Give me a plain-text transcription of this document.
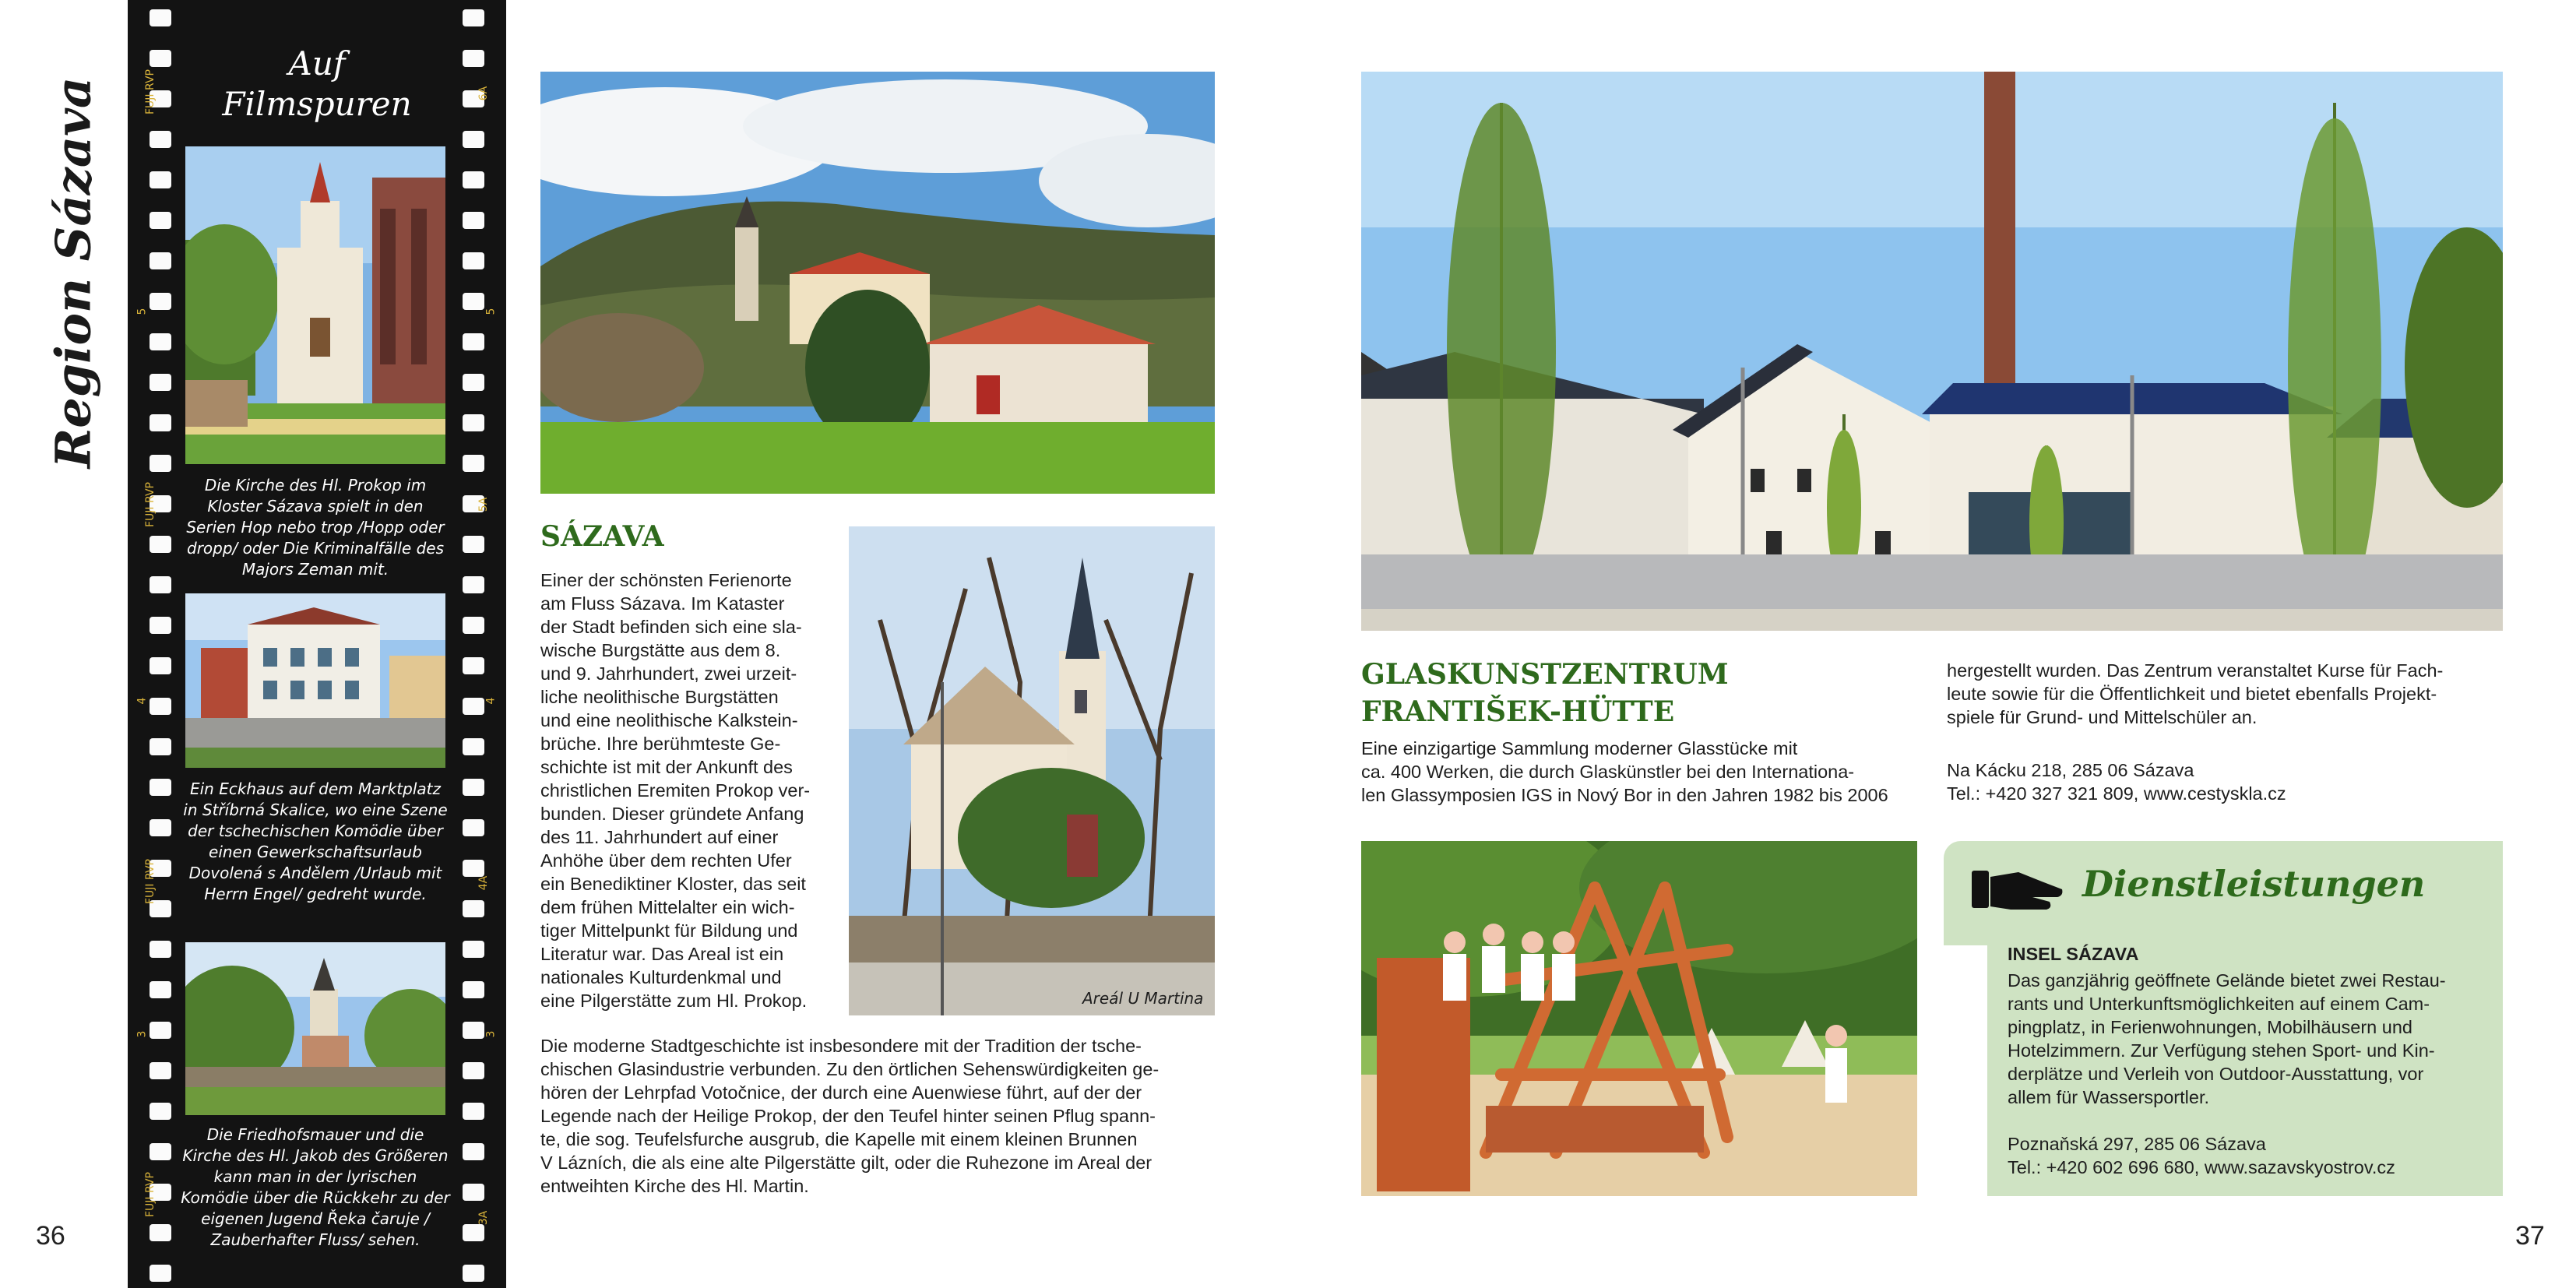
Region Sázava
36	37
Auf
Filmspuren
FUJI RVP	6A
5	5
FUJI RVP	5A
4	4
FUJI RVP	4A
3	3
FUJI RVP
3A
Die Kirche des Hl. Prokop im Kloster Sázava spielt in den Serien Hop nebo trop /Hopp oder dropp/ oder Die Kriminalfälle des Majors Zeman mit.
Ein Eckhaus auf dem Marktplatz in Stříbrná Skalice, wo eine Szene der tschechischen Komödie über einen Gewerkschaftsurlaub Dovolená s Andělem /Urlaub mit Herrn Engel/ gedreht wurde.
Die Friedhofsmauer und die Kirche des Hl. Jakob des Größeren kann man in der lyrischen Komödie über die Rückkehr zu der eigenen Jugend Řeka čaruje / Zauberhafter Fluss/ sehen.
SÁZAVA
Einer der schönsten Ferienorte
am Fluss Sázava. Im Kataster
der Stadt befinden sich eine sla-
wische Burgstätte aus dem 8.
und 9. Jahrhundert, zwei urzeit-
liche neolithische Burgstätten
und eine neolithische Kalkstein-
brüche. Ihre berühmteste Ge-
schichte ist mit der Ankunft des
christlichen Eremiten Prokop ver-
bunden. Dieser gründete Anfang
des 11. Jahrhundert auf einer
Anhöhe über dem rechten Ufer
ein Benediktiner Kloster, das seit
dem frühen Mittelalter ein wich-
tiger Mittelpunkt für Bildung und
Literatur war. Das Areal ist ein
nationales Kulturdenkmal und
eine Pilgerstätte zum Hl. Prokop.	Areál U Martina
Die moderne Stadtgeschichte ist insbesondere mit der Tradition der tsche-
chischen Glasindustrie verbunden. Zu den örtlichen Sehenswürdigkeiten ge-
hören der Lehrpfad Votočnice, der durch eine Auenwiese führt, auf der der
Legende nach der Heilige Prokop, der den Teufel hinter seinen Pflug spann-
te, die sog. Teufelsfurche ausgrub, die Kapelle mit einem kleinen Brunnen
V Lázních, die als eine alte Pilgerstätte gilt, oder die Ruhezone im Areal der
entweihten Kirche des Hl. Martin.
GLASKUNSTZENTRUM
FRANTIŠEK-HÜTTE
Eine einzigartige Sammlung moderner Glasstücke mit
ca. 400 Werken, die durch Glaskünstler bei den Internationa-
len Glassymposien IGS in Nový Bor in den Jahren 1982 bis 2006
hergestellt wurden. Das Zentrum veranstaltet Kurse für Fach-
leute sowie für die Öffentlichkeit und bietet ebenfalls Projekt-
spiele für Grund- und Mittelschüler an.
Na Kácku 218, 285 06 Sázava
Tel.: +420 327 321 809, www.cestyskla.cz
Dienstleistungen
INSEL SÁZAVA
Das ganzjährig geöffnete Gelände bietet zwei Restau-
rants und Unterkunftsmöglichkeiten auf einem Cam-
pingplatz, in Ferienwohnungen, Mobilhäusern und
Hotelzimmern. Zur Verfügung stehen Sport- und Kin-
derplätze und Verleih von Outdoor-Ausstattung, vor
allem für Wassersportler.
Poznaňská 297, 285 06 Sázava
Tel.: +420 602 696 680, www.sazavskyostrov.cz
